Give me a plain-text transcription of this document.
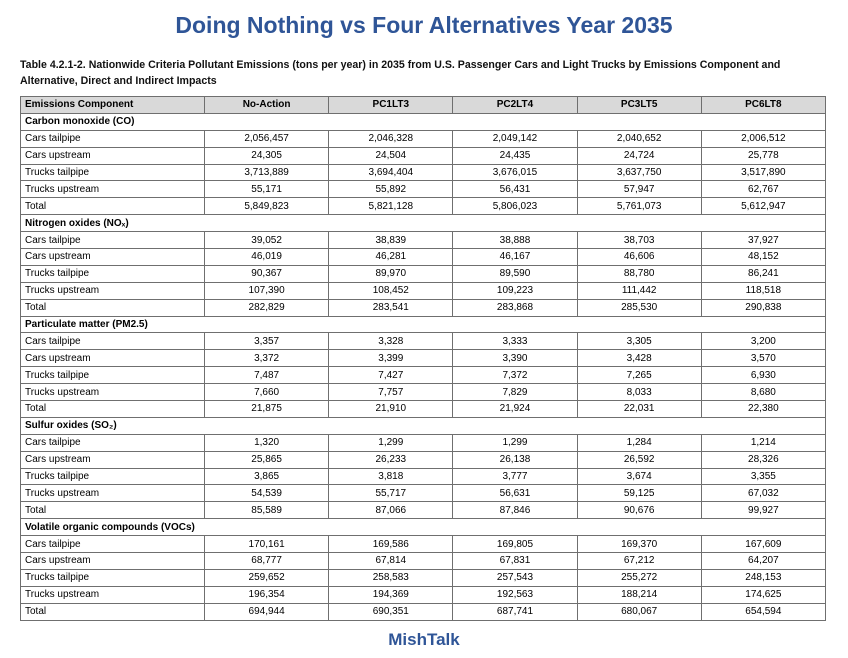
Doing Nothing vs Four Alternatives Year 2035
Table 4.2.1-2. Nationwide Criteria Pollutant Emissions (tons per year) in 2035 from U.S. Passenger Cars and Light Trucks by Emissions Component and Alternative, Direct and Indirect Impacts
Emissions Component	No-Action	PC1LT3	PC2LT4	PC3LT5	PC6LT8
Carbon monoxide (CO)					
Cars tailpipe	2,056,457	2,046,328	2,049,142	2,040,652	2,006,512
Cars upstream	24,305	24,504	24,435	24,724	25,778
Trucks tailpipe	3,713,889	3,694,404	3,676,015	3,637,750	3,517,890
Trucks upstream	55,171	55,892	56,431	57,947	62,767
Total	5,849,823	5,821,128	5,806,023	5,761,073	5,612,947
Nitrogen oxides (NOₓ)					
Cars tailpipe	39,052	38,839	38,888	38,703	37,927
Cars upstream	46,019	46,281	46,167	46,606	48,152
Trucks tailpipe	90,367	89,970	89,590	88,780	86,241
Trucks upstream	107,390	108,452	109,223	111,442	118,518
Total	282,829	283,541	283,868	285,530	290,838
Particulate matter (PM2.5)					
Cars tailpipe	3,357	3,328	3,333	3,305	3,200
Cars upstream	3,372	3,399	3,390	3,428	3,570
Trucks tailpipe	7,487	7,427	7,372	7,265	6,930
Trucks upstream	7,660	7,757	7,829	8,033	8,680
Total	21,875	21,910	21,924	22,031	22,380
Sulfur oxides (SO₂)					
Cars tailpipe	1,320	1,299	1,299	1,284	1,214
Cars upstream	25,865	26,233	26,138	26,592	28,326
Trucks tailpipe	3,865	3,818	3,777	3,674	3,355
Trucks upstream	54,539	55,717	56,631	59,125	67,032
Total	85,589	87,066	87,846	90,676	99,927
Volatile organic compounds (VOCs)					
Cars tailpipe	170,161	169,586	169,805	169,370	167,609
Cars upstream	68,777	67,814	67,831	67,212	64,207
Trucks tailpipe	259,652	258,583	257,543	255,272	248,153
Trucks upstream	196,354	194,369	192,563	188,214	174,625
Total	694,944	690,351	687,741	680,067	654,594
MishTalk
